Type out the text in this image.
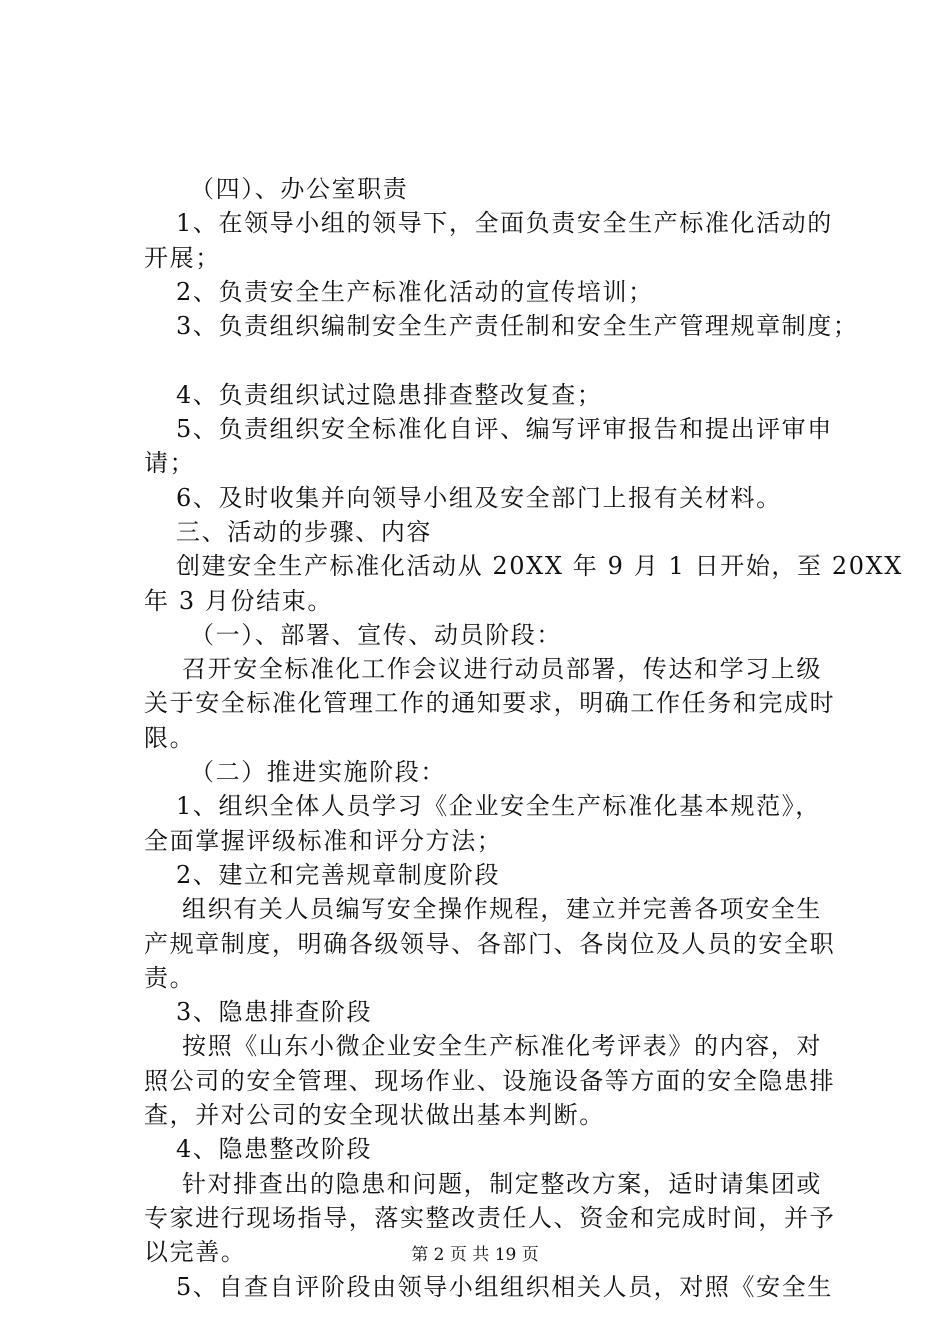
（四）、办公室职责
1、在领导小组的领导下，全面负责安全生产标准化活动的
开展；
2、负责安全生产标准化活动的宣传培训；
3、负责组织编制安全生产责任制和安全生产管理规章制度；
4、负责组织试过隐患排查整改复查；
5、负责组织安全标准化自评、编写评审报告和提出评审申
请；
6、及时收集并向领导小组及安全部门上报有关材料。
三、活动的步骤、内容
创建安全生产标准化活动从 20XX 年 9 月 1 日开始，至 20XX
年 3 月份结束。
（一）、部署、宣传、动员阶段：
召开安全标准化工作会议进行动员部署，传达和学习上级
关于安全标准化管理工作的通知要求，明确工作任务和完成时
限。
（二）推进实施阶段：
1、组织全体人员学习《企业安全生产标准化基本规范》，
全面掌握评级标准和评分方法；
2、建立和完善规章制度阶段
组织有关人员编写安全操作规程，建立并完善各项安全生
产规章制度，明确各级领导、各部门、各岗位及人员的安全职
责。
3、隐患排查阶段
按照《山东小微企业安全生产标准化考评表》的内容，对
照公司的安全管理、现场作业、设施设备等方面的安全隐患排
查，并对公司的安全现状做出基本判断。
4、隐患整改阶段
针对排查出的隐患和问题，制定整改方案，适时请集团或
专家进行现场指导，落实整改责任人、资金和完成时间，并予
以完善。
5、自查自评阶段由领导小组组织相关人员，对照《安全生
第 2 页 共 19 页
